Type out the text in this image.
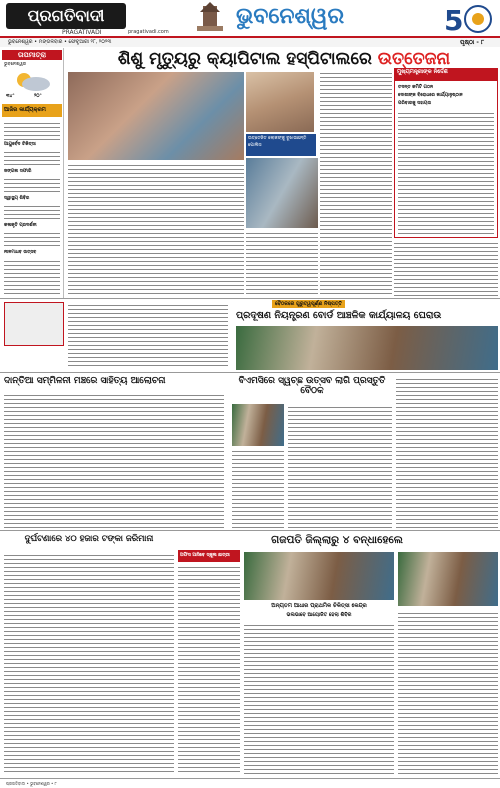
ପ୍ରଗତିବାଦୀ
PRAGATIVADI	pragativadi.com
ଭୁବନେଶ୍ୱର	5
ଭୁବନେଶ୍ୱର • ମଙ୍ଗଳବାର • ଫେବୃଆରୀ ୨୮, ୨୦୨୩	ପୃଷ୍ଠା - ୮
ତାପମାତ୍ରା
ଭୁବନେଶ୍ୱର
୩୪°	୨୦°
ଆଜିର କାର୍ଯ୍ୟକ୍ରମ
ଆୟୁର୍ବେଦ ଚିକିତ୍ସା
ଜଙ୍ଗଲ ସଫାରି
ସ୍ୱାସ୍ଥ୍ୟ ଶିବିର
କଳାକୃତି ପ୍ରଦର୍ଶନୀ
ନୀଳମାଧବ ଉତ୍ସବ
ଶିଶୁ ମୃତ୍ୟୁରୁ କ୍ୟାପିଟାଲ ହସ୍ପିଟାଲରେ ଉତ୍ତେଜନା
ଉତ୍ତେଜିତ ଲୋକଙ୍କୁ ବୁଝାଉଛନ୍ତି ପୋଲିସ
ମୁଖ୍ୟମନ୍ତ୍ରୀଙ୍କ ନିର୍ଦ୍ଦେଶ
ତଦନ୍ତ କମିଟି ଗଠନ
ଦୋଷୀଙ୍କ ବିରୋଧରେ କାର୍ଯ୍ୟାନୁଷ୍ଠାନ
ପରିବାରକୁ ସହାୟତା
ବୈଠକରେ ଗୁରୁତ୍ୱପୂର୍ଣ୍ଣ ନିଷ୍ପତ୍ତି
ପ୍ରଦୂଷଣ ନିୟନ୍ତ୍ରଣ ବୋର୍ଡ ଆଞ୍ଚଳିକ କାର୍ଯ୍ୟାଳୟ ଘେରାଉ
ଦାନ୍ତିଆ ସମ୍ମିଳନୀ ମଞ୍ଚରେ ସାହିତ୍ୟ ଆଲୋଚନା	ବିଏମସିରେ ସ୍ୱଚ୍ଛ ଉତ୍ସବ ଲାଗି ପ୍ରସ୍ତୁତି ବୈଠକ
ଦୁର୍ଘଟଣାରେ ୪୦ ହଜାର ଟଙ୍କା ଜରିମାନା	ଗଜପତି ଜିଲ୍ଲାରୁ ୪ ବନ୍ଧାହେଲେ
ଅଫିସ ଆସିବେ ସ୍କୁଲ ଛାତ୍ରୀ
ଅନ୍ୟତମ ଆଧାର ପ୍ରାଥମିକ ଚିକିତ୍ସା କେନ୍ଦ୍ର
ଭଲଭାବେ ଆୟୋଜିତ ହେଲା ଶିବିର
ପ୍ରଗତିବାଦୀ • ଭୁବନେଶ୍ୱର • ୮
